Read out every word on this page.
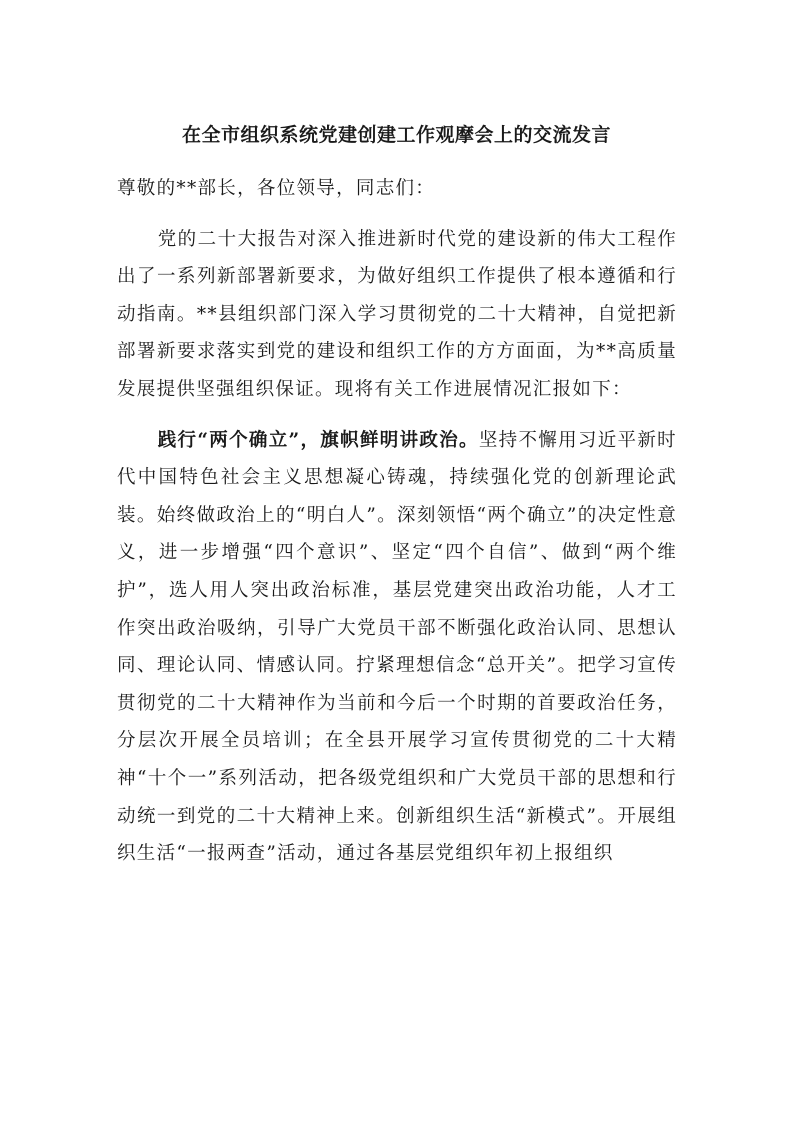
在全市组织系统党建创建工作观摩会上的交流发言

尊敬的**部长，各位领导，同志们：

党的二十大报告对深入推进新时代党的建设新的伟大工程作出了一系列新部署新要求，为做好组织工作提供了根本遵循和行动指南。**县组织部门深入学习贯彻党的二十大精神，自觉把新部署新要求落实到党的建设和组织工作的方方面面，为**高质量发展提供坚强组织保证。现将有关工作进展情况汇报如下：

践行“两个确立”，旗帜鲜明讲政治。坚持不懈用习近平新时代中国特色社会主义思想凝心铸魂，持续强化党的创新理论武装。始终做政治上的“明白人”。深刻领悟“两个确立”的决定性意义，进一步增强“四个意识”、坚定“四个自信”、做到“两个维护”，选人用人突出政治标准，基层党建突出政治功能，人才工作突出政治吸纳，引导广大党员干部不断强化政治认同、思想认同、理论认同、情感认同。拧紧理想信念“总开关”。把学习宣传贯彻党的二十大精神作为当前和今后一个时期的首要政治任务，分层次开展全员培训；在全县开展学习宣传贯彻党的二十大精神“十个一”系列活动，把各级党组织和广大党员干部的思想和行动统一到党的二十大精神上来。创新组织生活“新模式”。开展组织生活“一报两查”活动，通过各基层党组织年初上报组织
